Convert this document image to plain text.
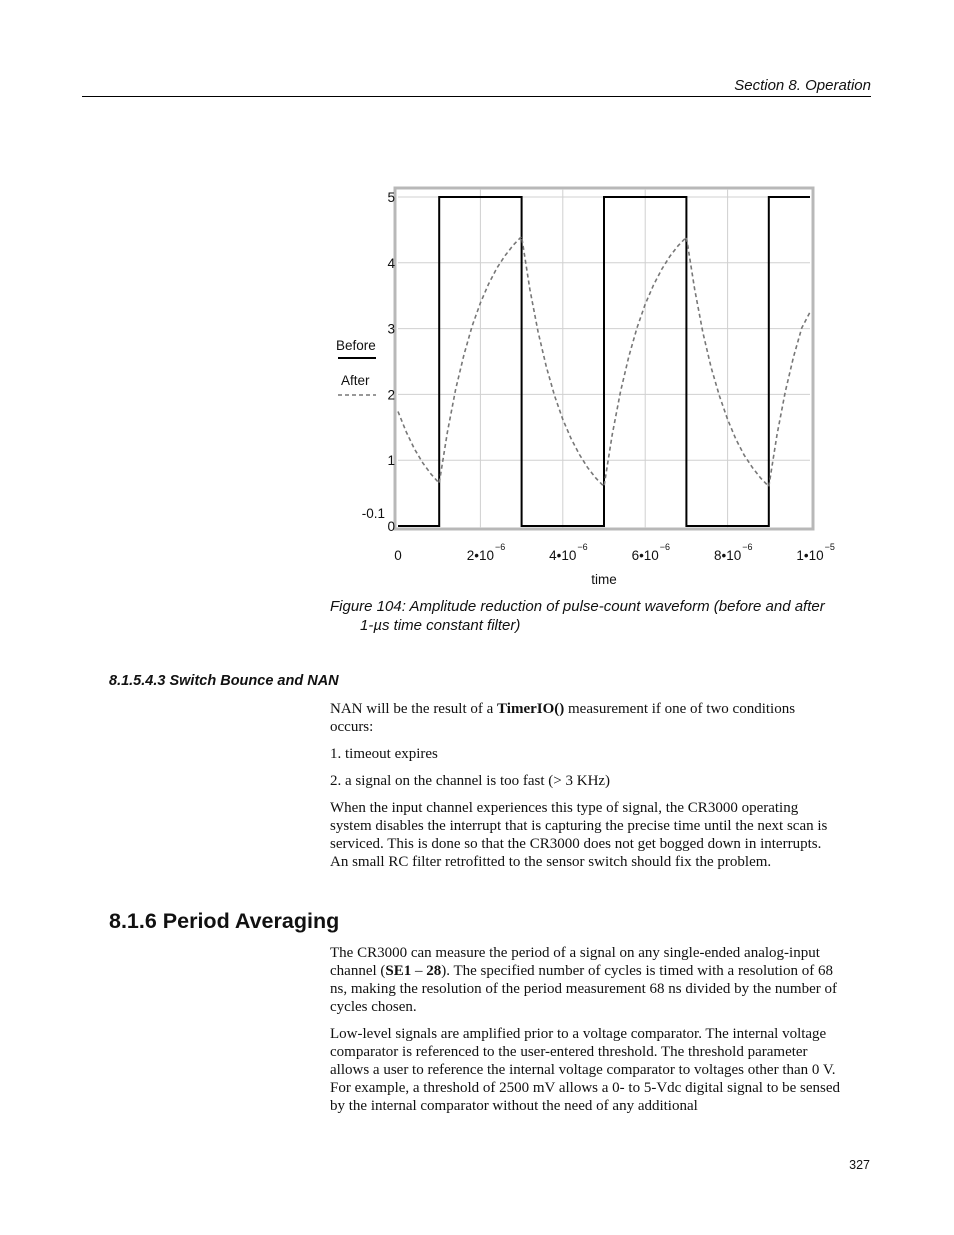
Section 8. Operation
5
4
3
2
1
0
-0.1
0	2•10
−6
4•10
−6
6•10
−6
8•10
−6
1•10
−5
time
Before
After
Figure 104: Amplitude reduction of pulse-count waveform (before and after
1-µs time constant filter)
8.1.5.4.3 Switch Bounce and NAN

NAN will be the result of a TimerIO() measurement if one of two conditions occurs:

1. timeout expires

2. a signal on the channel is too fast (> 3 KHz)

When the input channel experiences this type of signal, the CR3000 operating system disables the interrupt that is capturing the precise time until the next scan is serviced. This is done so that the CR3000 does not get bogged down in interrupts. An small RC filter retrofitted to the sensor switch should fix the problem.

8.1.6 Period Averaging

The CR3000 can measure the period of a signal on any single-ended analog-input channel (SE1 – 28). The specified number of cycles is timed with a resolution of 68 ns, making the resolution of the period measurement 68 ns divided by the number of cycles chosen.

Low-level signals are amplified prior to a voltage comparator. The internal voltage comparator is referenced to the user-entered threshold. The threshold parameter allows a user to reference the internal voltage comparator to voltages other than 0 V. For example, a threshold of 2500 mV allows a 0- to 5-Vdc digital signal to be sensed by the internal comparator without the need of any additional

327
